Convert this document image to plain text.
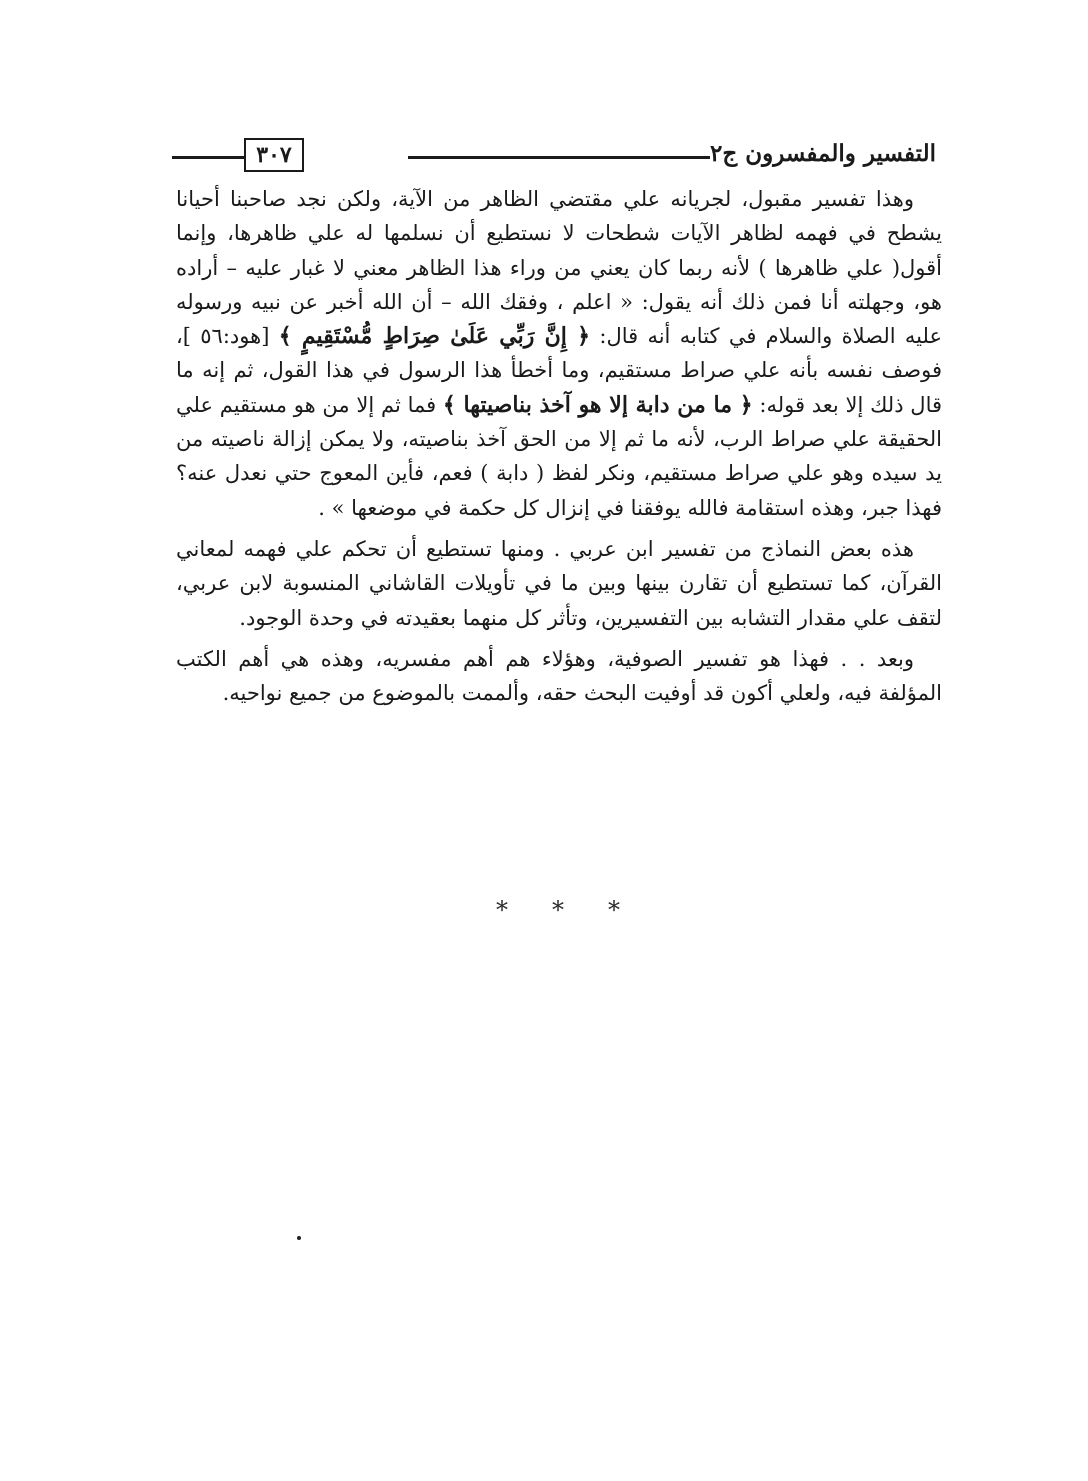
التفسير والمفسرون ج٢
٣٠٧

وهذا تفسير مقبول، لجريانه علي مقتضي الظاهر من الآية، ولكن نجد صاحبنا أحيانا يشطح في فهمه لظاهر الآيات شطحات لا نستطيع أن نسلمها له علي ظاهرها، وإنما أقول( علي ظاهرها ) لأنه ربما كان يعني من وراء هذا الظاهر معني لا غبار عليه – أراده هو، وجهلته أنا فمن ذلك أنه يقول: « اعلم ، وفقك الله – أن الله أخبر عن نبيه ورسوله عليه الصلاة والسلام في كتابه أنه قال: ﴿ إِنَّ رَبِّي عَلَىٰ صِرَاطٍ مُّسْتَقِيمٍ ﴾ [هود:٥٦ ]، فوصف نفسه بأنه علي صراط مستقيم، وما أخطأ هذا الرسول في هذا القول، ثم إنه ما قال ذلك إلا بعد قوله: ﴿ ما من دابة إلا هو آخذ بناصيتها ﴾ فما ثم إلا من هو مستقيم علي الحقيقة علي صراط الرب، لأنه ما ثم إلا من الحق آخذ بناصيته، ولا يمكن إزالة ناصيته من يد سيده وهو علي صراط مستقيم، ونكر لفظ ( دابة ) فعم، فأين المعوج حتي نعدل عنه؟ فهذا جبر، وهذه استقامة فالله يوفقنا في إنزال كل حكمة في موضعها » .

هذه بعض النماذج من تفسير ابن عربي . ومنها تستطيع أن تحكم علي فهمه لمعاني القرآن، كما تستطيع أن تقارن بينها وبين ما في تأويلات القاشاني المنسوبة لابن عربي، لتقف علي مقدار التشابه بين التفسيرين، وتأثر كل منهما بعقيدته في وحدة الوجود.

وبعد . . فهذا هو تفسير الصوفية، وهؤلاء هم أهم مفسريه، وهذه هي أهم الكتب المؤلفة فيه، ولعلي أكون قد أوفيت البحث حقه، وألممت بالموضوع من جميع نواحيه.

* * *
